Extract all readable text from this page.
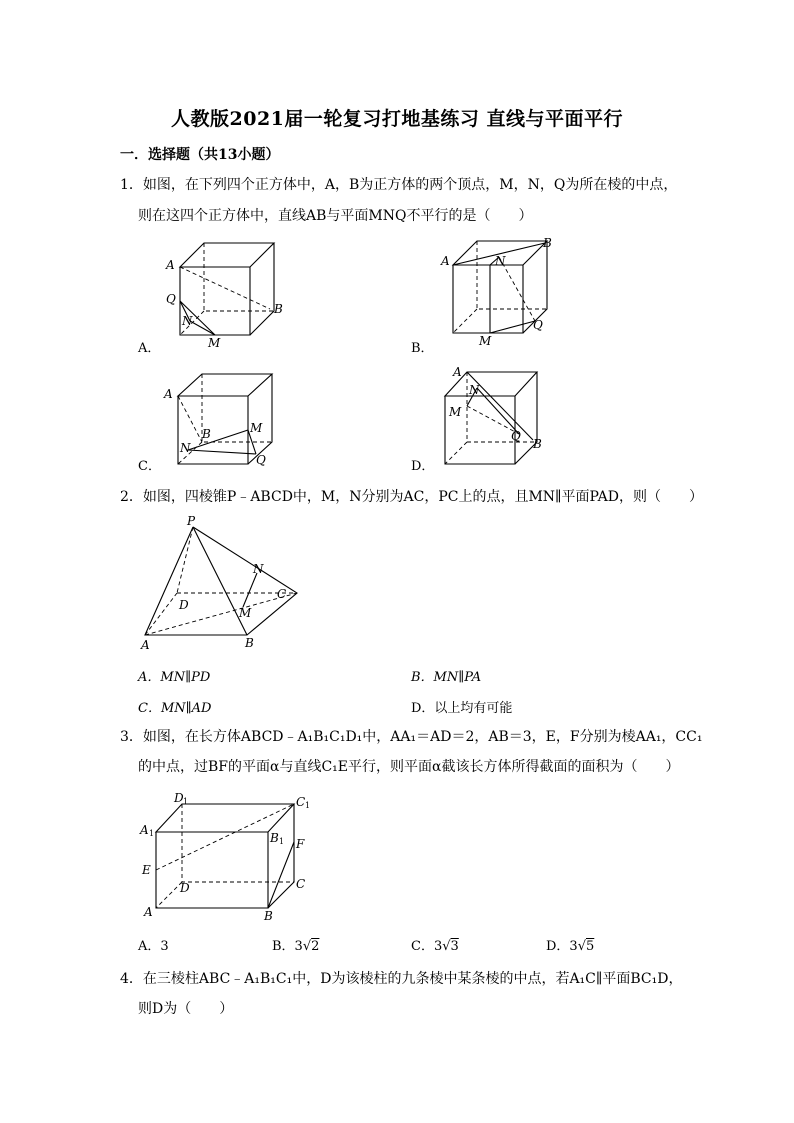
人教版2021届一轮复习打地基练习 直线与平面平行
一．选择题（共13小题）
1．如图，在下列四个正方体中，A，B为正方体的两个顶点，M，N，Q为所在棱的中点，
则在这四个正方体中，直线AB与平面MNQ不平行的是（　　）
A
B
Q
N
M
A．
A
B
N
Q
M
B．
A
B	M
N
Q
C．
A
N
M
Q
B
D．
2．如图，四棱锥P﹣ABCD中，M，N分别为AC，PC上的点，且MN∥平面PAD，则（　　）
P
N
C
D
M
A	B
A．MN∥PD	B．MN∥PA
C．MN∥AD	D．以上均有可能
3．如图，在长方体ABCD﹣A₁B₁C₁D₁中，AA₁＝AD＝2，AB＝3，E，F分别为棱AA₁，CC₁
的中点，过BF的平面α与直线C₁E平行，则平面α截该长方体所得截面的面积为（　　）
D 1	C 1
A 1	B 1 F
E
D	C
A	B
A．3	B．3√2	C．3√3	D．3√5
4．在三棱柱ABC﹣A₁B₁C₁中，D为该棱柱的九条棱中某条棱的中点，若A₁C∥平面BC₁D，
则D为（　　）
